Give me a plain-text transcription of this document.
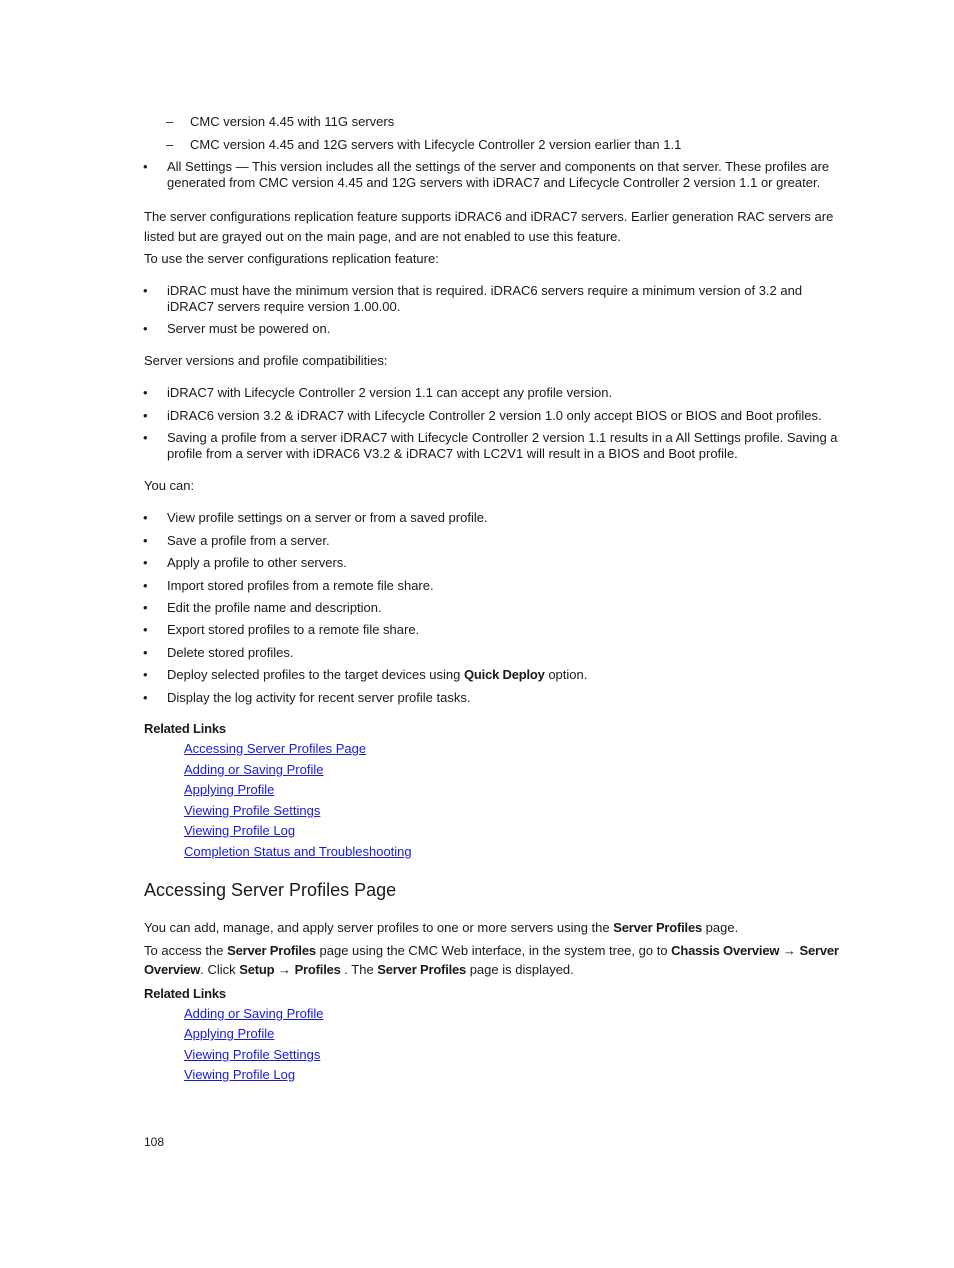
– CMC version 4.45 with 11G servers
– CMC version 4.45 and 12G servers with Lifecycle Controller 2 version earlier than 1.1
• All Settings — This version includes all the settings of the server and components on that server. These profiles are generated from CMC version 4.45 and 12G servers with iDRAC7 and Lifecycle Controller 2 version 1.1 or greater.
The server configurations replication feature supports iDRAC6 and iDRAC7 servers. Earlier generation RAC servers are listed but are grayed out on the main page, and are not enabled to use this feature.
To use the server configurations replication feature:
• iDRAC must have the minimum version that is required. iDRAC6 servers require a minimum version of 3.2 and iDRAC7 servers require version 1.00.00.
• Server must be powered on.
Server versions and profile compatibilities:
• iDRAC7 with Lifecycle Controller 2 version 1.1 can accept any profile version.
• iDRAC6 version 3.2 & iDRAC7 with Lifecycle Controller 2 version 1.0 only accept BIOS or BIOS and Boot profiles.
• Saving a profile from a server iDRAC7 with Lifecycle Controller 2 version 1.1 results in a All Settings profile. Saving a profile from a server with iDRAC6 V3.2 & iDRAC7 with LC2V1 will result in a BIOS and Boot profile.
You can:
• View profile settings on a server or from a saved profile.
• Save a profile from a server.
• Apply a profile to other servers.
• Import stored profiles from a remote file share.
• Edit the profile name and description.
• Export stored profiles to a remote file share.
• Delete stored profiles.
• Deploy selected profiles to the target devices using Quick Deploy option.
• Display the log activity for recent server profile tasks.
Related Links
Accessing Server Profiles Page
Adding or Saving Profile
Applying Profile
Viewing Profile Settings
Viewing Profile Log
Completion Status and Troubleshooting
Accessing Server Profiles Page
You can add, manage, and apply server profiles to one or more servers using the Server Profiles page.
To access the Server Profiles page using the CMC Web interface, in the system tree, go to Chassis Overview → Server
Overview. Click Setup → Profiles . The Server Profiles page is displayed.
Related Links
Adding or Saving Profile
Applying Profile
Viewing Profile Settings
Viewing Profile Log
108
